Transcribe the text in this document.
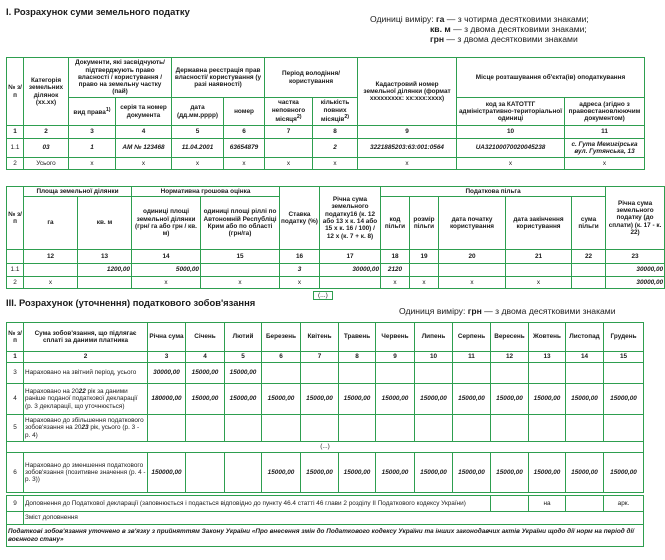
І. Розрахунок суми земельного податку
Одиниці виміру: га — з чотирма десятковими знаками;
кв. м — з двома десятковими знаками;
грн — з двома десятковими знаками
№ з/п	Категорія земельних ділянок (хх.хх)	Документи, які засвідчують/підтверджують право власності / користування / право на земельну частку (пай)		Державна реєстрація прав власності/ користування (у разі наявності)		Період володіння/ користування		Кадастровий номер земельної ділянки (формат ххххххххх: хх:ххх:хххх)	Місце розташування об'єкта(ів) оподаткування	
		вид права$^{1)}$	серія та номер документа	дата (дд.мм.рррр)	номер	частка неповного місяця$^{2)}$	кількість повних місяців$^{2)}$		код за КАТОТТГ адміністративно-територіальної одиниці	адреса (згідно з правовстановлюючим документом)
1	2	3	4	5	6	7	8	9	10	11
1.1	03	1	АМ № 123468	11.04.2001	63654879		2	3221885203:63:001:0564	UA32100070020045238	с. Гута Межигірська вул. Гутянська, 13
2	Усього	x	x	x	x	x	x	x	x	x
№ з/п	Площа земельної ділянки		Нормативна грошова оцінка		Ставка податку (%)	Річна сума земельного податку16 (к. 12 або 13 x к. 14 або 15 x к. 16 / 100) / 12 x (к. 7 + к. 8)	Податкова пільга					Річна сума земельного податку (до сплати) (к. 17 - к. 22)
	га	кв. м	одиниці площі земельної ділянки (грн/ га або грн / кв. м)	одиниці площі ріллі по Автономній Республіці Крим або по області (грн/га)			код пільги	розмір пільги	дата початку користування	дата закінчення користування	сума пільги	
	12	13	14	15	16	17	18	19	20	21	22	23
1.1		1200,00	5000,00		3	30000,00	2120					30000,00
2	x		x	x	x		x	x	x	x		30000,00
(...)
ІІІ. Розрахунок (уточнення) податкового зобов'язання
Одиниця виміру: грн — з двома десятковими знаками
№ з/п	Сума зобов'язання, що підлягає сплаті за даними платника	Річна сума	Січень	Лютий	Березень	Квітень	Травень	Червень	Липень	Серпень	Вересень	Жовтень	Листопад	Грудень
1	2	3	4	5	6	7	8	9	10	11	12	13	14	15
3	Нараховано на звітний період, усього	30000,00	15000,00	15000,00										
4	Нараховано на 2022 рік за даними раніше поданої податкової декларації (р. 3 декларації, що уточнюється)	180000,00	15000,00	15000,00	15000,00	15000,00	15000,00	15000,00	15000,00	15000,00	15000,00	15000,00	15000,00	15000,00
5	Нараховано до збільшення податкового зобов'язання на 2023 рік, усього (р. 3 - р. 4)													
(...)														
6	Нараховано до зменшення податкового зобов'язання (позитивне значення (р. 4 - р. 3))	150000,00			15000,00	15000,00	15000,00	15000,00	15000,00	15000,00	15000,00	15000,00	15000,00	15000,00

9	Доповнення до Податкової декларації (заповнюється і подається відповідно до пункту 46.4 статті 46 глави 2 розділу ІІ Податкового кодексу України)											на		арк.
	Зміст доповнення													
Податкові зобов'язання уточнено в зв'язку з прийняттям Закону України «Про внесення змін до Податкового кодексу України та інших законодавчих актів України щодо дії норм на період дії воєнного стану»														
